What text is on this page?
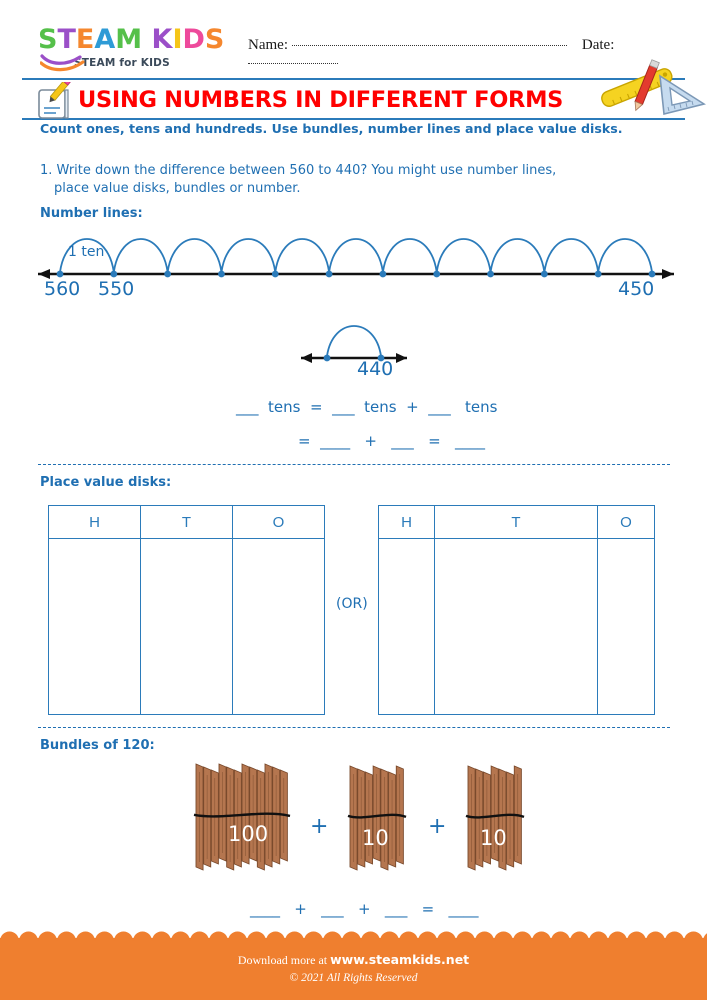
STEAM KIDS
STEAM for KIDS
Name:	Date:
USING NUMBERS IN DIFFERENT FORMS
Count ones, tens and hundreds. Use bundles, number lines and place value disks.
1. Write down the difference between 560 to 440? You might use number lines,
place value disks, bundles or number.
Number lines:
1 ten
560 550	450
440
___  tens  =  ___  tens  +  ___   tens
=  ____   +   ___   =   ____
Place value disks:
H	T	O
(OR)
H	T	O
Bundles of 120:
100 + 10 + 10
____   +   ___   +   ___   =   ____
Download more at www.steamkids.net
© 2021 All Rights Reserved
